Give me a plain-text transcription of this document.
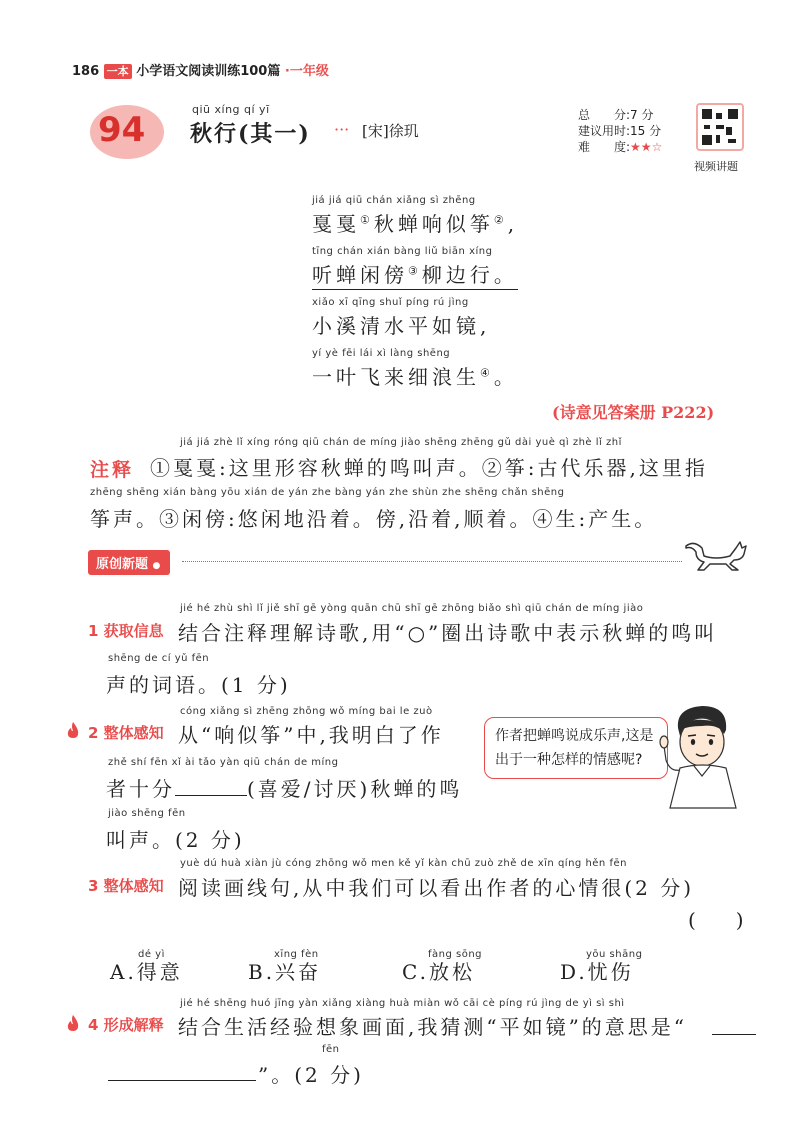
186 一本 小学语文阅读训练100篇 ·一年级
94
qiū xíng qí yī
秋行(其一) ··· [宋]徐玑
总　　分:7 分
建议用时:15 分
难　　度:★★☆
视频讲题
jiá jiá qiū chán xiǎng sì zhēng
戛戛①秋蝉响似筝②,
tīng chán xián bàng liǔ biān xíng
听蝉闲傍③柳边行。
xiǎo xī qīng shuǐ píng rú jìng
小溪清水平如镜,
yí yè fēi lái xì làng shēng
一叶飞来细浪生④。
(诗意见答案册 P222)
jiá jiá zhè lǐ xíng róng qiū chán de míng jiào shēng zhēng gǔ dài yuè qì zhè lǐ zhǐ
注释 ①戛戛:这里形容秋蝉的鸣叫声。②筝:古代乐器,这里指
zhēng shēng xián bàng yōu xián de yán zhe bàng yán zhe shùn zhe shēng chǎn shēng
筝声。③闲傍:悠闲地沿着。傍,沿着,顺着。④生:产生。
原创新题 ●
jié hé zhù shì lǐ jiě shī gē yòng quān chū shī gē zhōng biǎo shì qiū chán de míng jiào
1 获取信息 结合注释理解诗歌,用“○”圈出诗歌中表示秋蝉的鸣叫
shēng de cí yǔ fēn
声的词语。(1 分)
cóng xiǎng sì zhēng zhōng wǒ míng bai le zuò
2 整体感知 从“响似筝”中,我明白了作
zhě shí fēn xǐ ài tǎo yàn qiū chán de míng
者十分	(喜爱/讨厌)秋蝉的鸣
jiào shēng fēn
叫声。(2 分)
作者把蝉鸣说成乐声,这是出于一种怎样的情感呢?
yuè dú huà xiàn jù cóng zhōng wǒ men kě yǐ kàn chū zuò zhě de xīn qíng hěn fēn
3 整体感知 阅读画线句,从中我们可以看出作者的心情很(2 分)
(　　)
dé yì
A.得意
xīng fèn
B.兴奋
fàng sōng
C.放松
yōu shāng
D.忧伤
jié hé shēng huó jīng yàn xiǎng xiàng huà miàn wǒ cāi cè píng rú jìng de yì sì shì
4 形成解释 结合生活经验想象画面,我猜测“平如镜”的意思是“
fēn
”。(2 分)
